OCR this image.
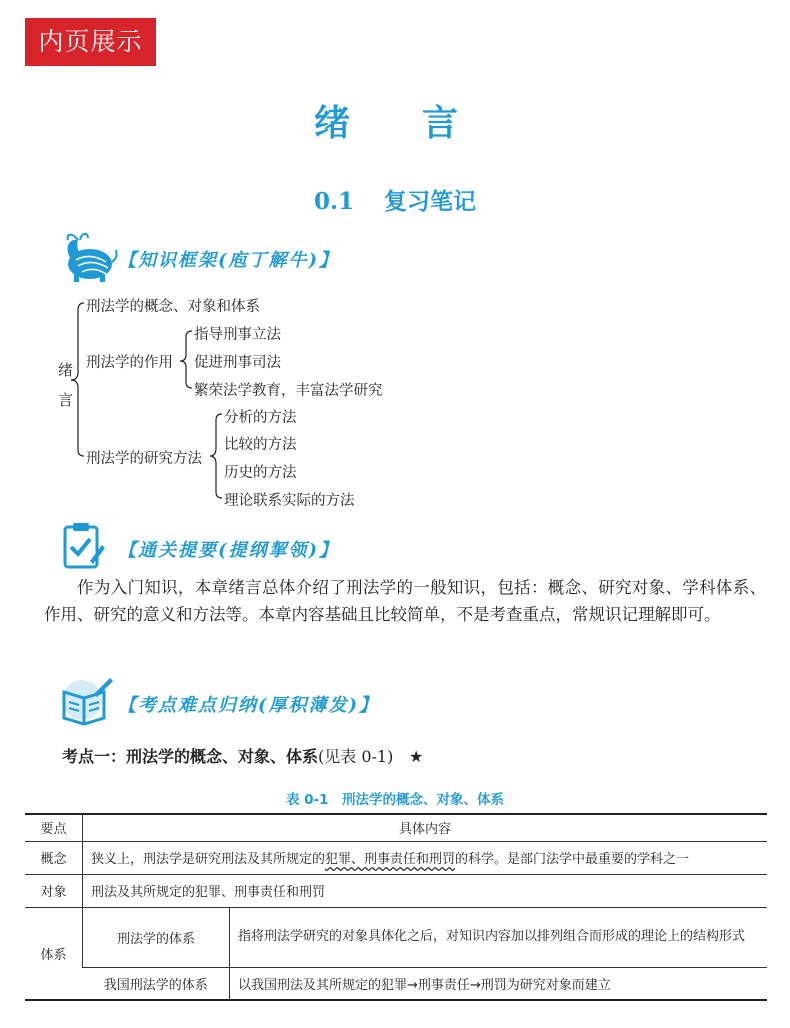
内页展示
绪　言
0.1 复习笔记
【知识框架(庖丁解牛)】
绪言
刑法学的概念、对象和体系
刑法学的作用
指导刑事立法
促进刑事司法
繁荣法学教育，丰富法学研究
刑法学的研究方法
分析的方法
比较的方法
历史的方法
理论联系实际的方法
【通关提要(提纲挈领)】

作为入门知识，本章绪言总体介绍了刑法学的一般知识，包括：概念、研究对象、学科体系、作用、研究的意义和方法等。本章内容基础且比较简单，不是考查重点，常规识记理解即可。

【考点难点归纳(厚积薄发)】
考点一：刑法学的概念、对象、体系(见表 0-1) ★
表 0-1　刑法学的概念、对象、体系
要点	具体内容	
概念	狭义上，刑法学是研究刑法及其所规定的犯罪、刑事责任和刑罚的科学。是部门法学中最重要的学科之一	
对象	刑法及其所规定的犯罪、刑事责任和刑罚	
体系	刑法学的体系	指将刑法学研究的对象具体化之后，对知识内容加以排列组合而形成的理论上的结构形式
	我国刑法学的体系	以我国刑法及其所规定的犯罪→刑事责任→刑罚为研究对象而建立
